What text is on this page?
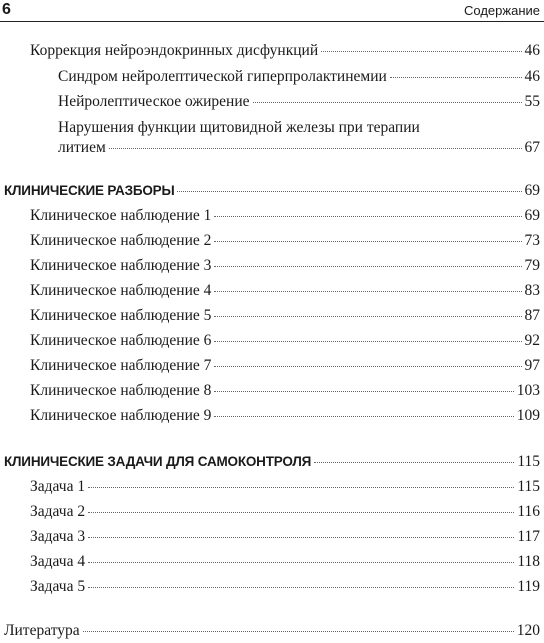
6	Содержание
Коррекция нейроэндокринных дисфункций	46
Синдром нейролептической гиперпролактинемии	46
Нейролептическое ожирение	55
Нарушения функции щитовидной железы при терапии
литием	67
КЛИНИЧЕСКИЕ РАЗБОРЫ	69
Клиническое наблюдение 1	69
Клиническое наблюдение 2	73
Клиническое наблюдение 3	79
Клиническое наблюдение 4	83
Клиническое наблюдение 5	87
Клиническое наблюдение 6	92
Клиническое наблюдение 7	97
Клиническое наблюдение 8	103
Клиническое наблюдение 9	109
КЛИНИЧЕСКИЕ ЗАДАЧИ ДЛЯ САМОКОНТРОЛЯ	115
Задача 1	115
Задача 2	116
Задача 3	117
Задача 4	118
Задача 5	119
Литература	120
